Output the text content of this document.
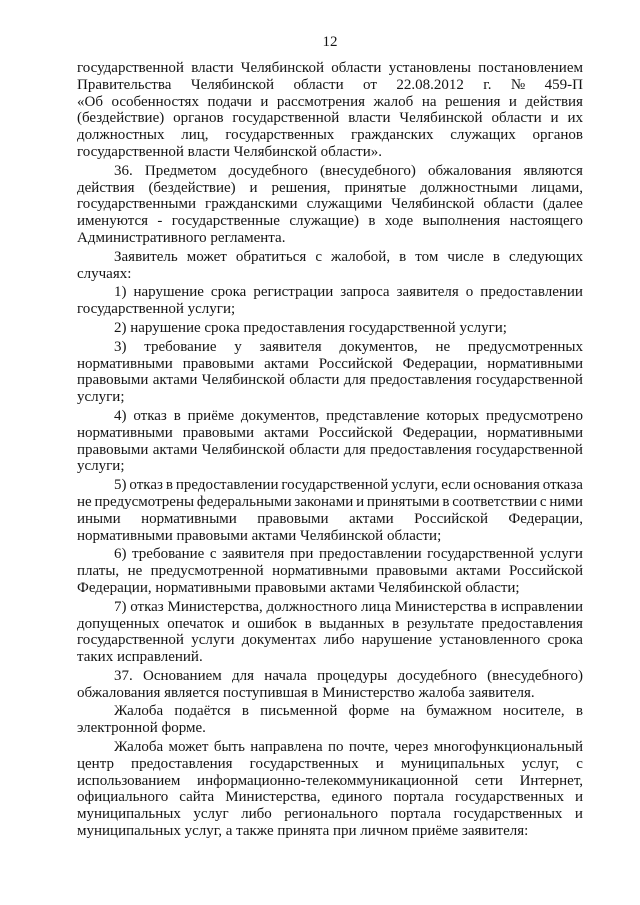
12
государственной власти Челябинской области установлены постановлением
Правительства Челябинской области от 22.08.2012 г. № 459-П
«Об особенностях подачи и рассмотрения жалоб на решения и действия
(бездействие) органов государственной власти Челябинской области и их
должностных лиц, государственных гражданских служащих органов
государственной власти Челябинской области».
36. Предметом досудебного (внесудебного) обжалования являются
действия (бездействие) и решения, принятые должностными лицами,
государственными гражданскими служащими Челябинской области (далее
именуются - государственные служащие) в ходе выполнения настоящего
Административного регламента.
Заявитель может обратиться с жалобой, в том числе в следующих
случаях:
1) нарушение срока регистрации запроса заявителя о предоставлении
государственной услуги;
2) нарушение срока предоставления государственной услуги;
3) требование у заявителя документов, не предусмотренных
нормативными правовыми актами Российской Федерации, нормативными
правовыми актами Челябинской области для предоставления государственной
услуги;
4) отказ в приёме документов, представление которых предусмотрено
нормативными правовыми актами Российской Федерации, нормативными
правовыми актами Челябинской области для предоставления государственной
услуги;
5) отказ в предоставлении государственной услуги, если основания отказа
не предусмотрены федеральными законами и принятыми в соответствии с ними
иными нормативными правовыми актами Российской Федерации,
нормативными правовыми актами Челябинской области;
6) требование с заявителя при предоставлении государственной услуги
платы, не предусмотренной нормативными правовыми актами Российской
Федерации, нормативными правовыми актами Челябинской области;
7) отказ Министерства, должностного лица Министерства в исправлении
допущенных опечаток и ошибок в выданных в результате предоставления
государственной услуги документах либо нарушение установленного срока
таких исправлений.
37. Основанием для начала процедуры досудебного (внесудебного)
обжалования является поступившая в Министерство жалоба заявителя.
Жалоба подаётся в письменной форме на бумажном носителе, в
электронной форме.
Жалоба может быть направлена по почте, через многофункциональный
центр предоставления государственных и муниципальных услуг, с
использованием информационно-телекоммуникационной сети Интернет,
официального сайта Министерства, единого портала государственных и
муниципальных услуг либо регионального портала государственных и
муниципальных услуг, а также принята при личном приёме заявителя:
